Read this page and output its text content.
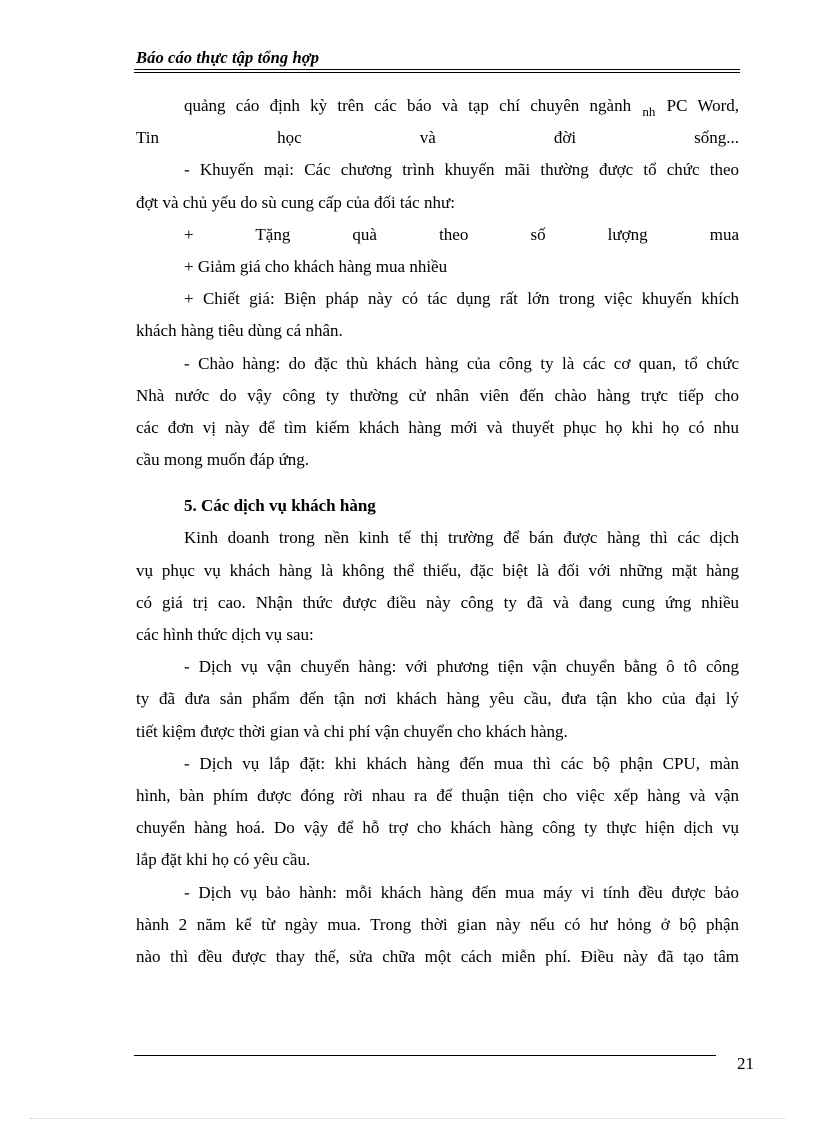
Báo cáo thực tập tổng hợp
quảng cáo định kỳ trên các báo và tạp chí chuyên ngành $_{nh}$ PC Word,
Tin học và đời sống...
- Khuyến mại: Các chương trình khuyến mãi thường được tổ chức theo
đợt và chủ yếu do sù cung cấp của đối tác như:
+ Tặng quà theo số lượng mua
+ Giảm giá cho khách hàng mua nhiều
+ Chiết giá: Biện pháp này có tác dụng rất lớn trong việc khuyến khích
khách hàng tiêu dùng cá nhân.
- Chào hàng: do đặc thù khách hàng của công ty là các cơ quan, tổ chức
Nhà nước do vậy công ty thường cử nhân viên đến chào hàng trực tiếp cho
các đơn vị này để tìm kiếm khách hàng mới và thuyết phục họ khi họ có nhu
cầu mong muốn đáp ứng.
5. Các dịch vụ khách hàng
Kinh doanh trong nền kinh tế thị trường để bán được hàng thì các dịch
vụ phục vụ khách hàng là không thể thiếu, đặc biệt là đối với những mặt hàng
có giá trị cao. Nhận thức được điều này công ty đã và đang cung ứng nhiều
các hình thức dịch vụ sau:
- Dịch vụ vận chuyển hàng: với phương tiện vận chuyển bằng ô tô công
ty đã đưa sản phẩm đến tận nơi khách hàng yêu cầu, đưa tận kho của đại lý
tiết kiệm được thời gian và chi phí vận chuyển cho khách hàng.
- Dịch vụ lắp đặt: khi khách hàng đến mua thì các bộ phận CPU, màn
hình, bàn phím được đóng rời nhau ra để thuận tiện cho việc xếp hàng và vận
chuyển hàng hoá. Do vậy để hỗ trợ cho khách hàng công ty thực hiện dịch vụ
lắp đặt khi họ có yêu cầu.
- Dịch vụ bảo hành: mỗi khách hàng đến mua máy vi tính đều được bảo
hành 2 năm kể từ ngày mua. Trong thời gian này nếu có hư hỏng ở bộ phận
nào thì đều được thay thế, sửa chữa một cách miễn phí. Điều này đã tạo tâm
21
